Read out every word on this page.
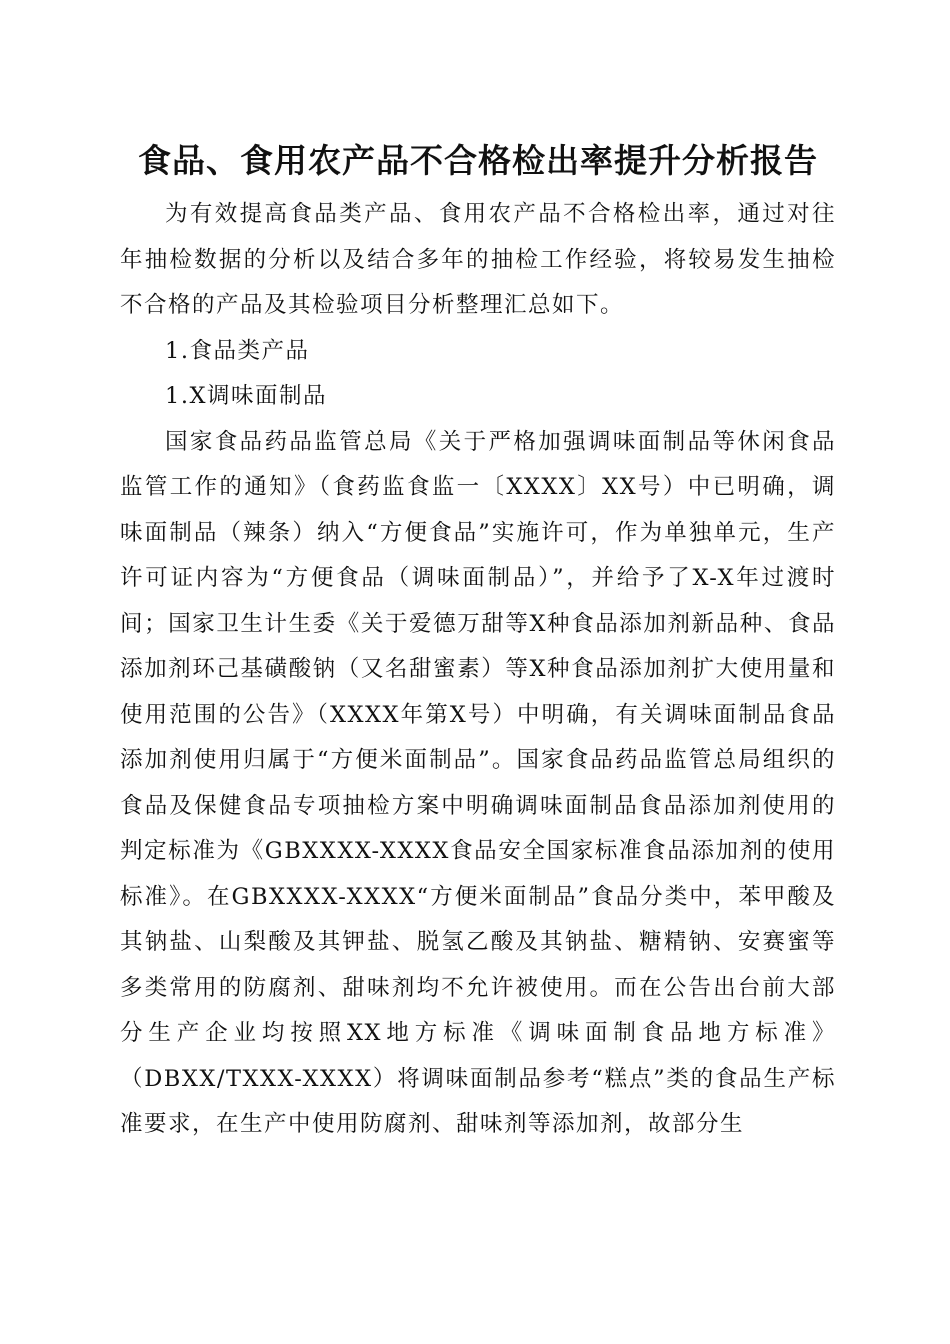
食品、食用农产品不合格检出率提升分析报告

为有效提高食品类产品、食用农产品不合格检出率，通过对往年抽检数据的分析以及结合多年的抽检工作经验，将较易发生抽检不合格的产品及其检验项目分析整理汇总如下。

1.食品类产品

1.X调味面制品

国家食品药品监管总局《关于严格加强调味面制品等休闲食品监管工作的通知》（食药监食监一〔XXXX〕XX号）中已明确，调味面制品（辣条）纳入“方便食品”实施许可，作为单独单元，生产许可证内容为“方便食品（调味面制品）”，并给予了X-X年过渡时间；国家卫生计生委《关于爱德万甜等X种食品添加剂新品种、食品添加剂环己基磺酸钠（又名甜蜜素）等X种食品添加剂扩大使用量和使用范围的公告》（XXXX年第X号）中明确，有关调味面制品食品添加剂使用归属于“方便米面制品”。国家食品药品监管总局组织的食品及保健食品专项抽检方案中明确调味面制品食品添加剂使用的判定标准为《GBXXXX-XXXX食品安全国家标准食品添加剂的使用标准》。在GBXXXX-XXXX“方便米面制品”食品分类中，苯甲酸及其钠盐、山梨酸及其钾盐、脱氢乙酸及其钠盐、糖精钠、安赛蜜等多类常用的防腐剂、甜味剂均不允许被使用。而在公告出台前大部分生产企业均按照XX地方标准《调味面制食品地方标准》（DBXX/TXXX-XXXX）将调味面制品参考“糕点”类的食品生产标准要求，在生产中使用防腐剂、甜味剂等添加剂，故部分生
